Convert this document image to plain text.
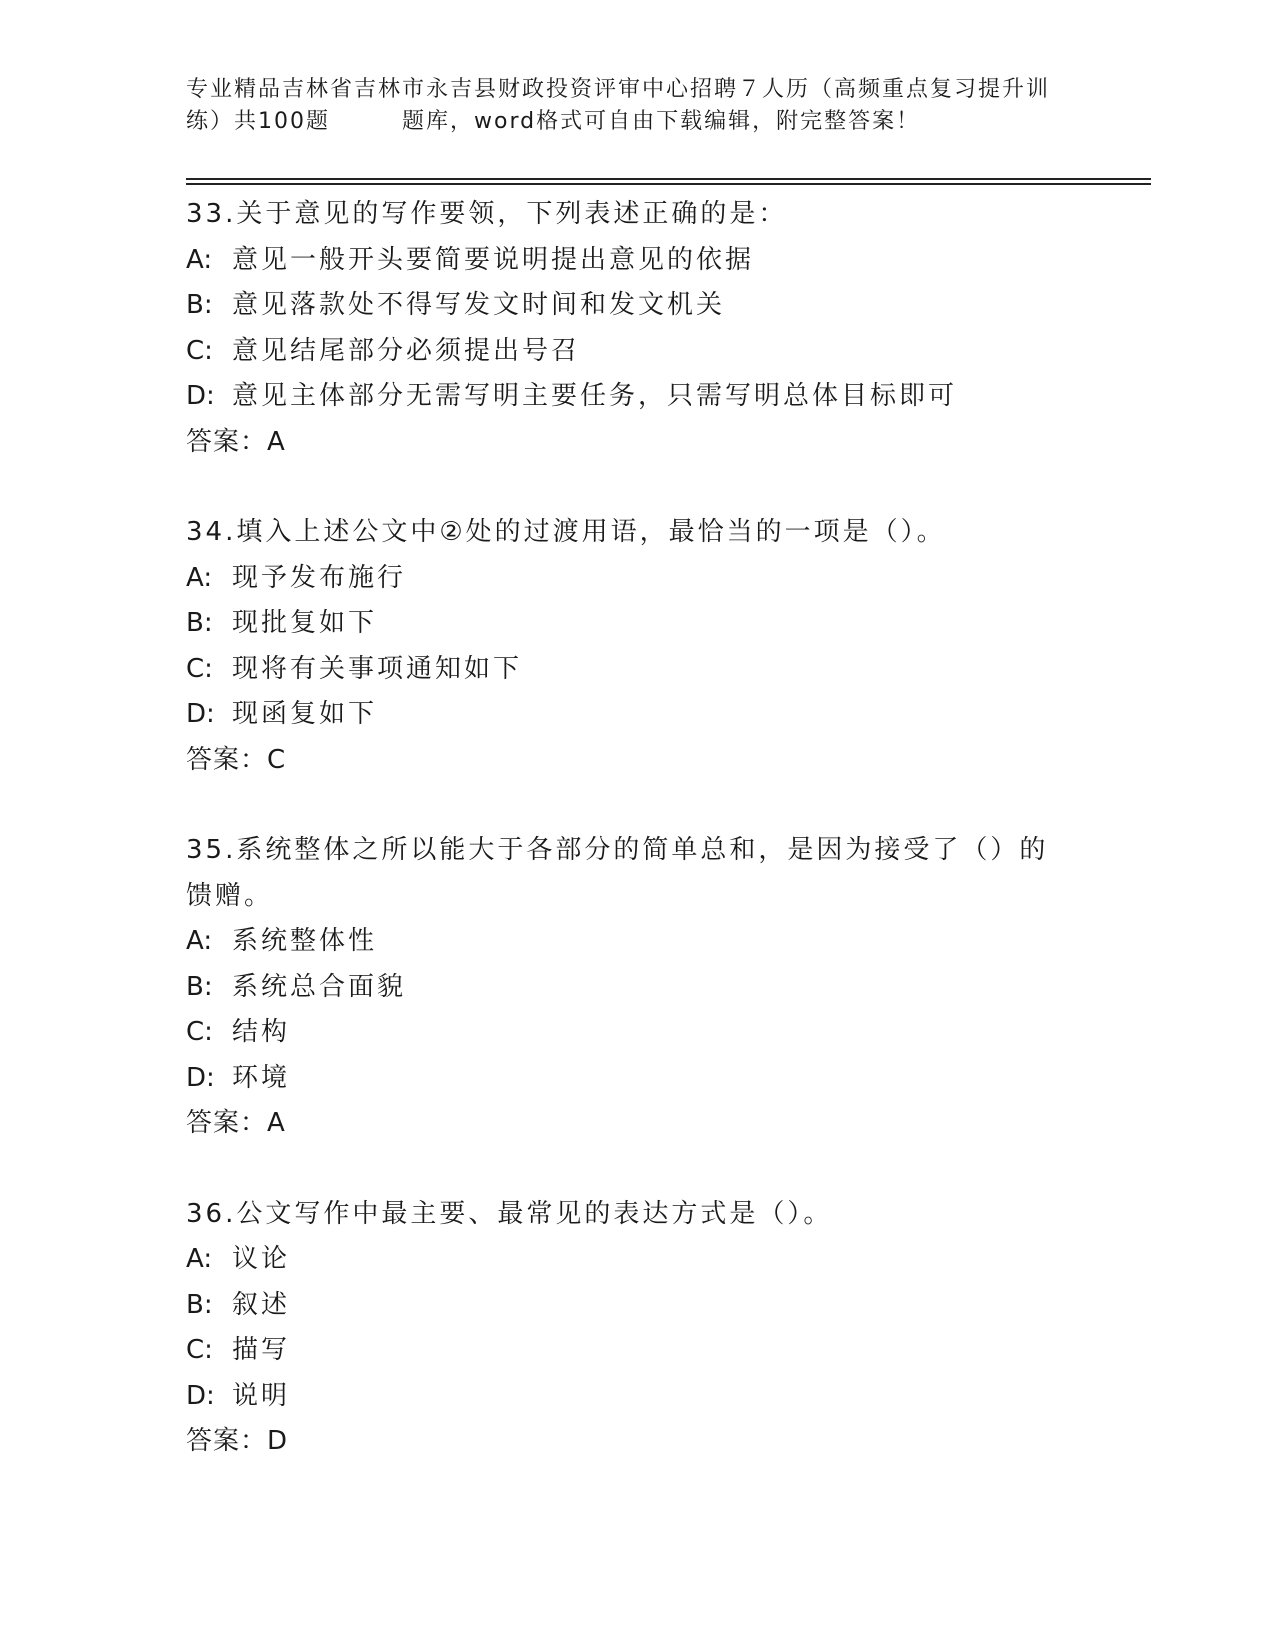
专业精品吉林省吉林市永吉县财政投资评审中心招聘７人历（高频重点复习提升训
练）共100题	题库，word格式可自由下载编辑，附完整答案！
33.关于意见的写作要领，下列表述正确的是：
A: 意见一般开头要简要说明提出意见的依据
B: 意见落款处不得写发文时间和发文机关
C: 意见结尾部分必须提出号召
D: 意见主体部分无需写明主要任务，只需写明总体目标即可
答案：A
34.填入上述公文中②处的过渡用语，最恰当的一项是（）。
A: 现予发布施行
B: 现批复如下
C: 现将有关事项通知如下
D: 现函复如下
答案：C
35.系统整体之所以能大于各部分的简单总和，是因为接受了（）的馈赠。
A: 系统整体性
B: 系统总合面貌
C: 结构
D: 环境
答案：A
36.公文写作中最主要、最常见的表达方式是（）。
A: 议论
B: 叙述
C: 描写
D: 说明
答案：D
